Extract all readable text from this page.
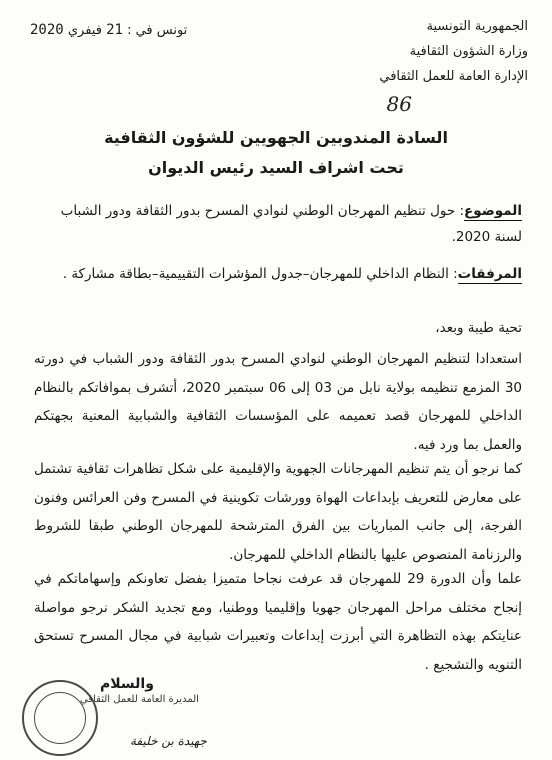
الجمهورية التونسية
وزارة الشؤون الثقافية
الإدارة العامة للعمل الثقافي
تونس في : 21 فيفري 2020
86
السادة المندوبين الجهويين للشؤون الثقافية
تحت اشراف السيد رئيس الديوان
الموضوع: حول تنظيم المهرجان الوطني لنوادي المسرح بدور الثقافة ودور الشباب لسنة 2020.
المرفقات: النظام الداخلي للمهرجان–جدول المؤشرات التقييمية–بطاقة مشاركة .
تحية طيبة وبعد،
استعدادا لتنظيم المهرجان الوطني لنوادي المسرح بدور الثقافة ودور الشباب في دورته 30 المزمع تنظيمه بولاية نابل من 03 إلى 06 سبتمبر 2020، أتشرف بموافاتكم بالنظام الداخلي للمهرجان قصد تعميمه على المؤسسات الثقافية والشبابية المعنية بجهتكم والعمل بما ورد فيه.
كما نرجو أن يتم تنظيم المهرجانات الجهوية والإقليمية على شكل تظاهرات ثقافية تشتمل على معارض للتعريف بإبداعات الهواة وورشات تكوينية في المسرح وفن العرائس وفنون الفرجة، إلى جانب المباريات بين الفرق المترشحة للمهرجان الوطني طبقا للشروط والرزنامة المنصوص عليها بالنظام الداخلي للمهرجان.
علما وأن الدورة 29 للمهرجان قد عرفت نجاحا متميزا بفضل تعاونكم وإسهاماتكم في إنجاح مختلف مراحل المهرجان جهويا وإقليميا ووطنيا، ومع تجديد الشكر نرجو مواصلة عنايتكم بهذه التظاهرة التي أبرزت إبداعات وتعبيرات شبابية في مجال المسرح تستحق التنويه والتشجيع .
والسلام
المديرة العامة للعمل الثقافي
جهيدة بن خليفة
